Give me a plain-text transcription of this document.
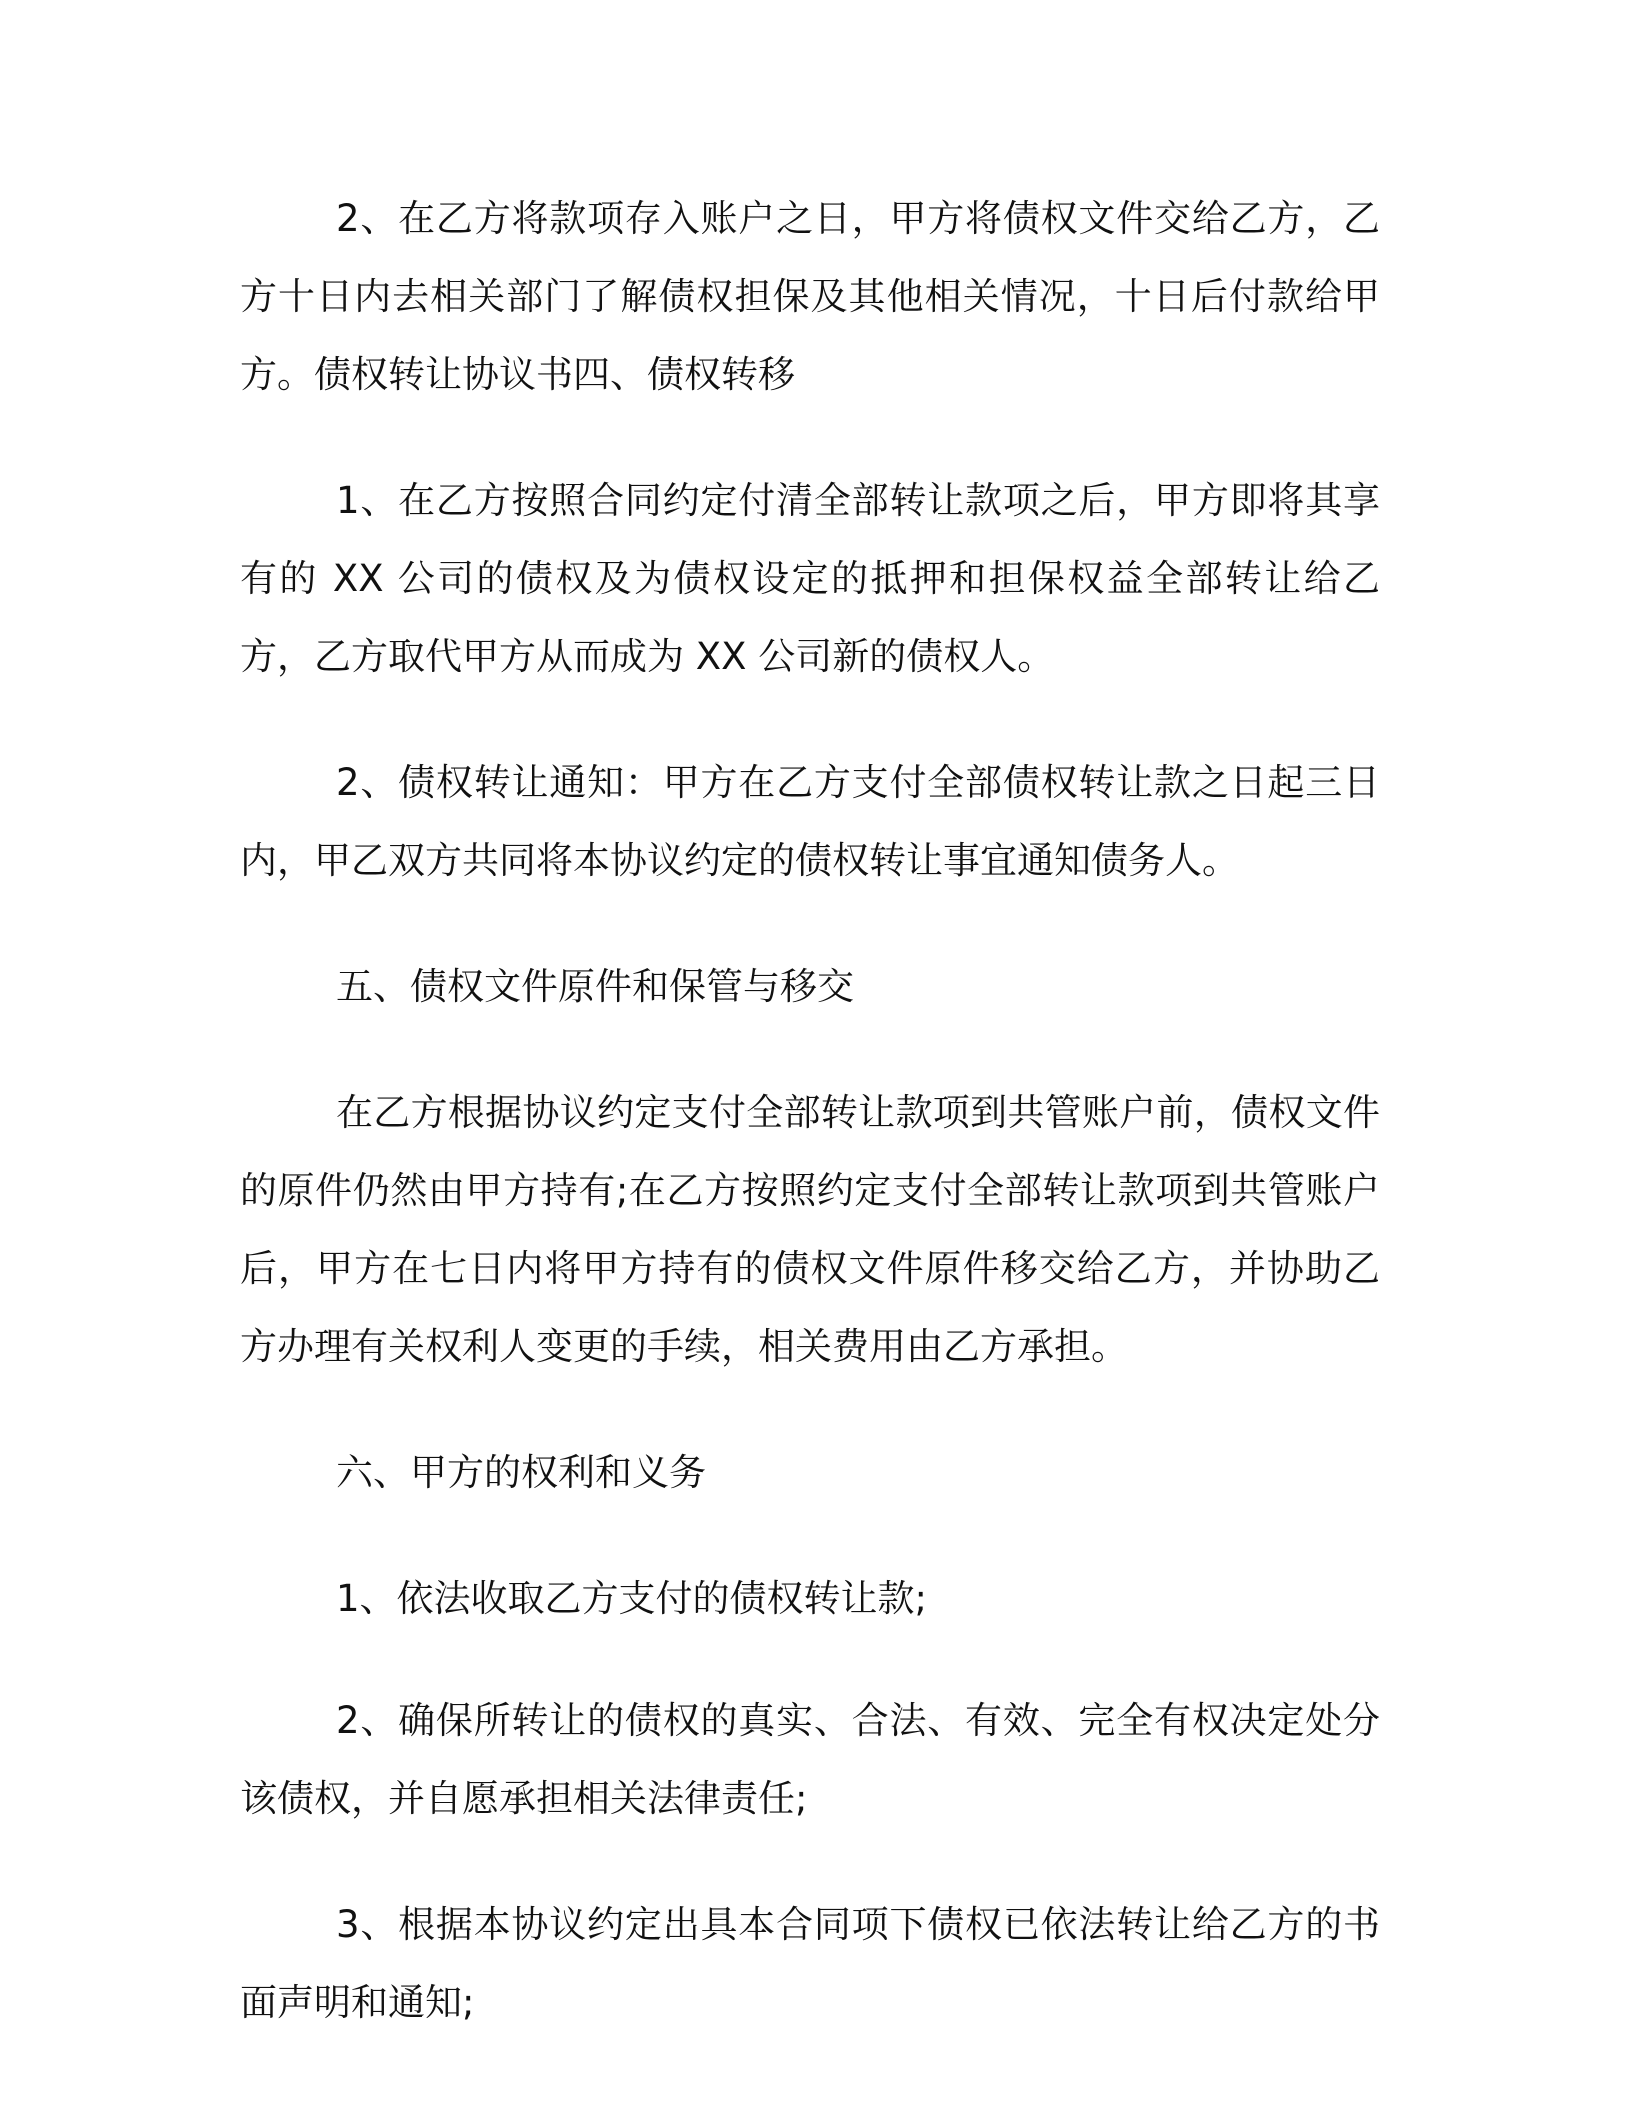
2、在乙方将款项存入账户之日，甲方将债权文件交给乙方，乙方十日内去相关部门了解债权担保及其他相关情况，十日后付款给甲方。债权转让协议书四、债权转移

1、在乙方按照合同约定付清全部转让款项之后，甲方即将其享有的 XX 公司的债权及为债权设定的抵押和担保权益全部转让给乙方，乙方取代甲方从而成为 XX 公司新的债权人。

2、债权转让通知：甲方在乙方支付全部债权转让款之日起三日内，甲乙双方共同将本协议约定的债权转让事宜通知债务人。

五、债权文件原件和保管与移交

在乙方根据协议约定支付全部转让款项到共管账户前，债权文件的原件仍然由甲方持有;在乙方按照约定支付全部转让款项到共管账户后，甲方在七日内将甲方持有的债权文件原件移交给乙方，并协助乙方办理有关权利人变更的手续，相关费用由乙方承担。

六、甲方的权利和义务

1、依法收取乙方支付的债权转让款;

2、确保所转让的债权的真实、合法、有效、完全有权决定处分该债权，并自愿承担相关法律责任;

3、根据本协议约定出具本合同项下债权已依法转让给乙方的书面声明和通知;
